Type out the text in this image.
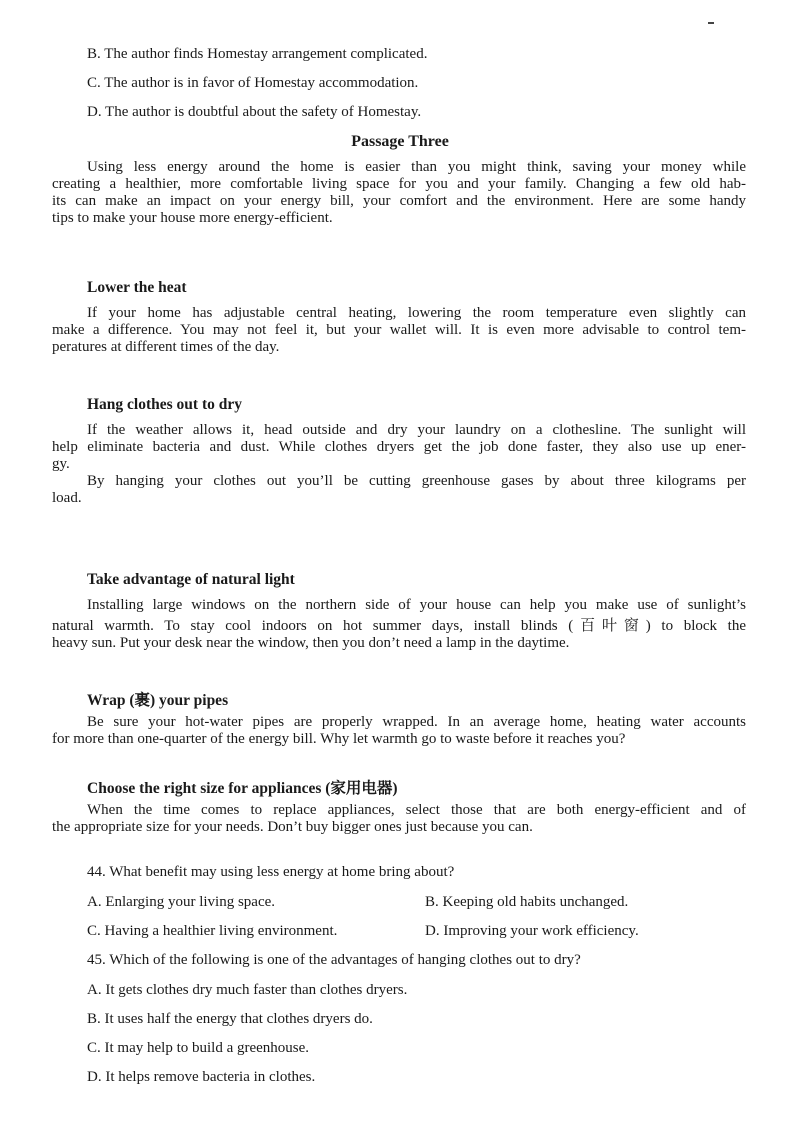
B. The author finds Homestay arrangement complicated.
C. The author is in favor of Homestay accommodation.
D. The author is doubtful about the safety of Homestay.
Passage Three
Using less energy around the home is easier than you might think, saving your money while
creating a healthier, more comfortable living space for you and your family. Changing a few old hab-
its can make an impact on your energy bill, your comfort and the environment. Here are some handy
tips to make your house more energy-efficient.
Lower the heat
If your home has adjustable central heating, lowering the room temperature even slightly can
make a difference. You may not feel it, but your wallet will. It is even more advisable to control tem-
peratures at different times of the day.
Hang clothes out to dry
If the weather allows it, head outside and dry your laundry on a clothesline. The sunlight will
help eliminate bacteria and dust. While clothes dryers get the job done faster, they also use up ener-
gy.
By hanging your clothes out you’ll be cutting greenhouse gases by about three kilograms per
load.
Take advantage of natural light
Installing large windows on the northern side of your house can help you make use of sunlight’s
natural warmth. To stay cool indoors on hot summer days, install blinds (百叶窗) to block the
heavy sun. Put your desk near the window, then you don’t need a lamp in the daytime.
Wrap (裹) your pipes
Be sure your hot-water pipes are properly wrapped. In an average home, heating water accounts
for more than one-quarter of the energy bill. Why let warmth go to waste before it reaches you?
Choose the right size for appliances (家用电器)
When the time comes to replace appliances, select those that are both energy-efficient and of
the appropriate size for your needs. Don’t buy bigger ones just because you can.
44. What benefit may using less energy at home bring about?
A. Enlarging your living space.	B. Keeping old habits unchanged.
C. Having a healthier living environment.	D. Improving your work efficiency.
45. Which of the following is one of the advantages of hanging clothes out to dry?
A. It gets clothes dry much faster than clothes dryers.
B. It uses half the energy that clothes dryers do.
C. It may help to build a greenhouse.
D. It helps remove bacteria in clothes.
